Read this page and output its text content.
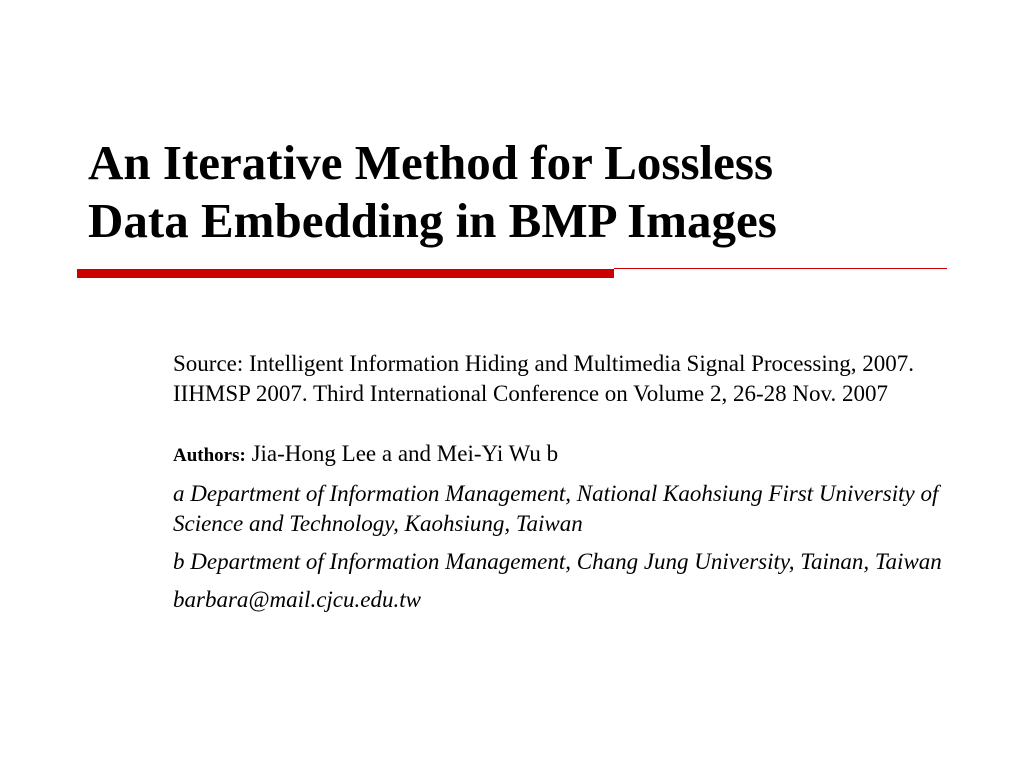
An Iterative Method for Lossless
Data Embedding in BMP Images

Source: Intelligent Information Hiding and Multimedia Signal Processing, 2007. IIHMSP 2007. Third International Conference on Volume 2, 26-28 Nov. 2007

Authors: Jia-Hong Lee a and Mei-Yi Wu b

a Department of Information Management, National Kaohsiung First University of Science and Technology, Kaohsiung, Taiwan

b Department of Information Management, Chang Jung University, Tainan, Taiwan

barbara@mail.cjcu.edu.tw
